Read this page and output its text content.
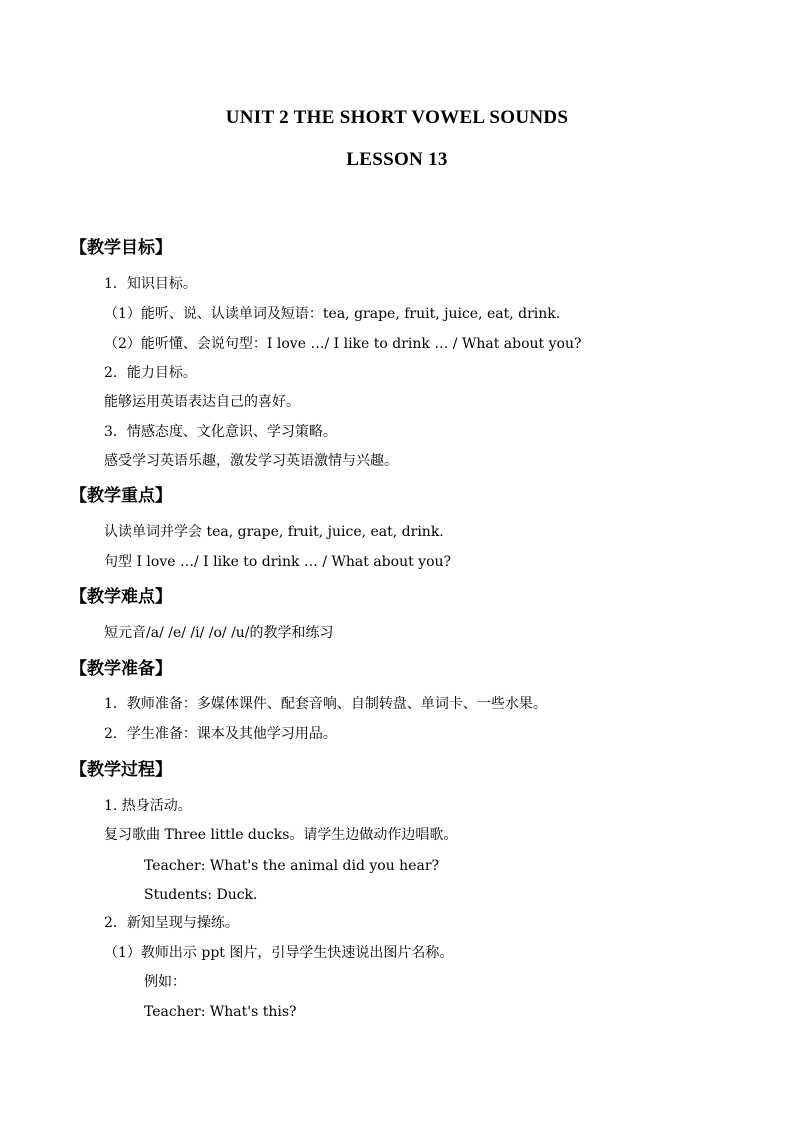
UNIT 2 THE SHORT VOWEL SOUNDS
LESSON 13
【教学目标】
1．知识目标。
（1）能听、说、认读单词及短语：tea, grape, fruit, juice, eat, drink.
（2）能听懂、会说句型：I love …/ I like to drink … / What about you?
2．能力目标。
能够运用英语表达自己的喜好。
3．情感态度、文化意识、学习策略。
感受学习英语乐趣，激发学习英语激情与兴趣。
【教学重点】
认读单词并学会 tea, grape, fruit, juice, eat, drink.
句型 I love …/ I like to drink … / What about you?
【教学难点】
短元音/a/ /e/ /i/ /o/ /u/的教学和练习
【教学准备】
1．教师准备：多媒体课件、配套音响、自制转盘、单词卡、一些水果。
2．学生准备：课本及其他学习用品。
【教学过程】
1. 热身活动。
复习歌曲 Three little ducks。请学生边做动作边唱歌。
Teacher: What's the animal did you hear?
Students: Duck.
2．新知呈现与操练。
（1）教师出示 ppt 图片，引导学生快速说出图片名称。
例如：
Teacher: What's this?
